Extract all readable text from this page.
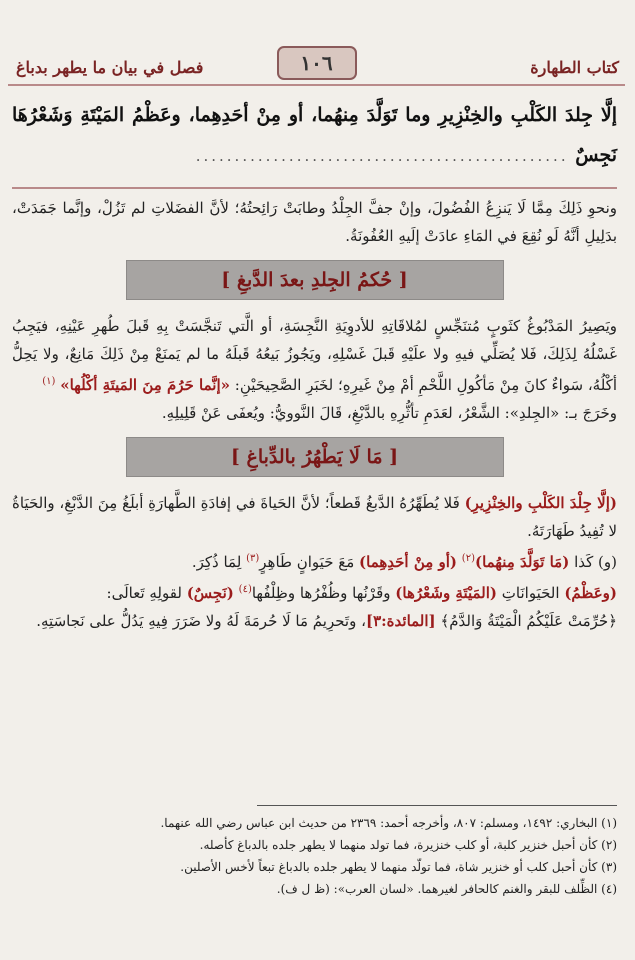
كتاب الطهارة
١٠٦
فصل في بيان ما يطهر بدباغ
إلَّا جِلدَ الكَلْبِ والخِنْزِيرِ وما تَوَلَّدَ مِنهُما، أو مِنْ أحَدِهِما، وعَظْمُ المَيْتَةِ وَشَعْرُهَا نَجِسٌ ................................................

ونحوِ ذَلِكَ مِمَّا لَا يَنزِعُ الفُضُولَ، وإنْ جفَّ الجِلْدُ وطابَتْ رَائِحتُهُ؛ لأنَّ الفضَلاتِ لم تَزُلْ، وإنَّما جَمَدَتْ، بدَلِيلِ أنَّهُ لَو نُقِعَ في المَاءِ عادَتْ إلَيهِ العُفُونَةُ.

[ حُكمُ الجِلدِ بعدَ الدَّبغِ ]

ويَصِيرُ المَدْبُوغُ كثَوبٍ مُتنَجِّسٍ لمُلاقَاتِهِ للأدوِيَةِ النَّجِسَةِ، أو الَّتي تَنجَّسَتْ بِهِ قَبلَ طُهرِ عَيْنِهِ، فيَجِبُ غَسْلُهُ لِذَلِكَ، فَلا يُصَلِّي فيهِ ولا علَيْهِ قَبلَ غَسْلِهِ، ويَجُوزُ بَيعُهُ قَبلَهُ ما لم يَمنَعْ مِنْ ذَلِكَ مَانِعٌ، ولا يَحِلُّ أكْلُهُ، سَواءٌ كانَ مِنْ مَأكُولِ اللَّحْمِ أمْ مِنْ غَيرِهِ؛ لخَبَرِ الصَّحِيحَيْنِ: «إنَّما حَرُمَ مِنَ المَيتَةِ أكْلُها» $^{(١)}$

وخَرَجَ بـ: «الجِلدِ»: الشَّعْرُ، لعَدَمِ تأثُّرِهِ بالدَّبْغِ، قَالَ النَّوويُّ: ويُعفَى عَنْ قَلِيلِهِ.

[ مَا لَا يَطْهُرُ بالدِّباغِ ]

(إلَّا جِلْدَ الكَلْبِ والخِنْزِيرِ) فَلا يُطَهِّرُهُ الدَّبغُ قَطعاً؛ لأنَّ الحَياةَ في إفادَةِ الطَّهارَةِ أبلَغُ مِنَ الدَّبْغِ، والحَيَاةُ لا تُفِيدُ طَهَارَتَهُ.

(و) كَذا (مَا تَوَلَّدَ مِنهُما)$^{(٢)}$ (أو مِنْ أحَدِهِما) مَعَ حَيَوانٍ طَاهِرٍ$^{(٣)}$ لِمَا ذُكِرَ.

(وعَظْمُ) الحَيَوانَاتِ (المَيْتَةِ وشَعْرُها) وقَرْنُها وظُفْرُها وظِلْفُها$^{(٤)}$ (نَجِسٌ) لقولِهِ تَعالَى:

﴿حُرِّمَتْ عَلَيْكُمُ الْمَيْتَةُ وَالدَّمُ﴾ [المائدة:٣]، وتَحرِيمُ مَا لَا حُرمَةَ لَهُ ولا ضَرَرَ فِيهِ يَدُلُّ على نَجاسَتِهِ.

(١) البخاري: ١٤٩٢، ومسلم: ٨٠٧، وأخرجه أحمد: ٢٣٦٩ من حديث ابن عباس رضي الله عنهما.

(٢) كأن أحبل خنزير كلبة، أو كلب خنزيرة، فما تولد منهما لا يطهر جلده بالدباغ كأصله.

(٣) كأن أحبل كلب أو خنزير شاة، فما تولّد منهما لا يطهر جلده بالدباغ تبعاً لأخس الأصلين.

(٤) الظِّلف للبقر والغنم كالحافر لغيرهما. «لسان العرب»: (ظ ل ف).
